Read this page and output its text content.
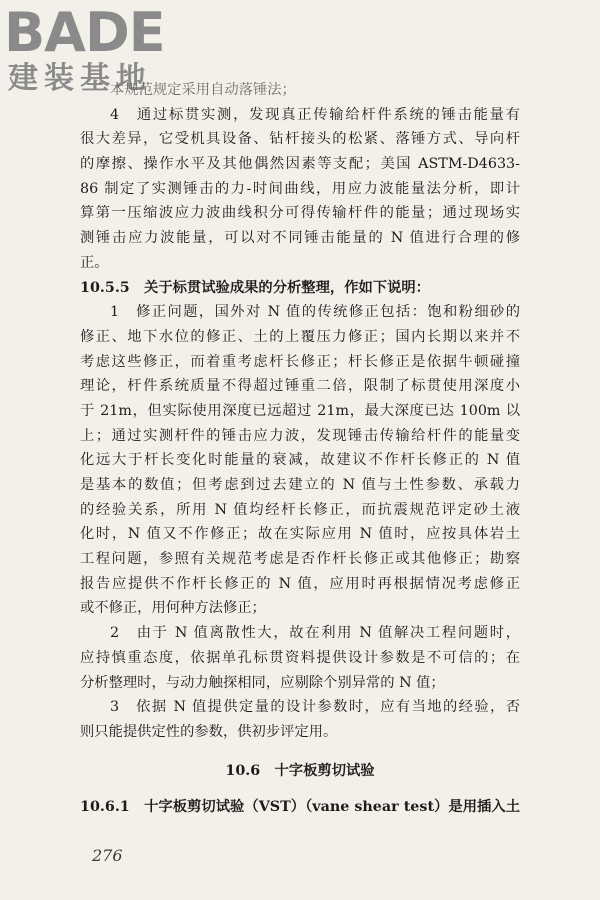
BADE
建装基地
本规范规定采用自动落锤法；
4　通过标贯实测，发现真正传输给杆件系统的锤击能量有
很大差异，它受机具设备、钻杆接头的松紧、落锤方式、导向杆
的摩擦、操作水平及其他偶然因素等支配；美国 ASTM-D4633-
86 制定了实测锤击的力-时间曲线，用应力波能量法分析，即计
算第一压缩波应力波曲线积分可得传输杆件的能量；通过现场实
测锤击应力波能量，可以对不同锤击能量的 N 值进行合理的修
正。
10.5.5　关于标贯试验成果的分析整理，作如下说明：
1　修正问题，国外对 N 值的传统修正包括：饱和粉细砂的
修正、地下水位的修正、土的上覆压力修正；国内长期以来并不
考虑这些修正，而着重考虑杆长修正；杆长修正是依据牛顿碰撞
理论，杆件系统质量不得超过锤重二倍，限制了标贯使用深度小
于 21m，但实际使用深度已远超过 21m，最大深度已达 100m 以
上；通过实测杆件的锤击应力波，发现锤击传输给杆件的能量变
化远大于杆长变化时能量的衰减，故建议不作杆长修正的 N 值
是基本的数值；但考虑到过去建立的 N 值与土性参数、承载力
的经验关系，所用 N 值均经杆长修正，而抗震规范评定砂土液
化时，N 值又不作修正；故在实际应用 N 值时，应按具体岩土
工程问题，参照有关规范考虑是否作杆长修正或其他修正；勘察
报告应提供不作杆长修正的 N 值，应用时再根据情况考虑修正
或不修正，用何种方法修正；
2　由于 N 值离散性大，故在利用 N 值解决工程问题时，
应持慎重态度，依据单孔标贯资料提供设计参数是不可信的；在
分析整理时，与动力触探相同，应剔除个别异常的 N 值；
3　依据 N 值提供定量的设计参数时，应有当地的经验，否
则只能提供定性的参数，供初步评定用。
10.6　十字板剪切试验
10.6.1　十字板剪切试验（VST）（vane shear test）是用插入土
276
